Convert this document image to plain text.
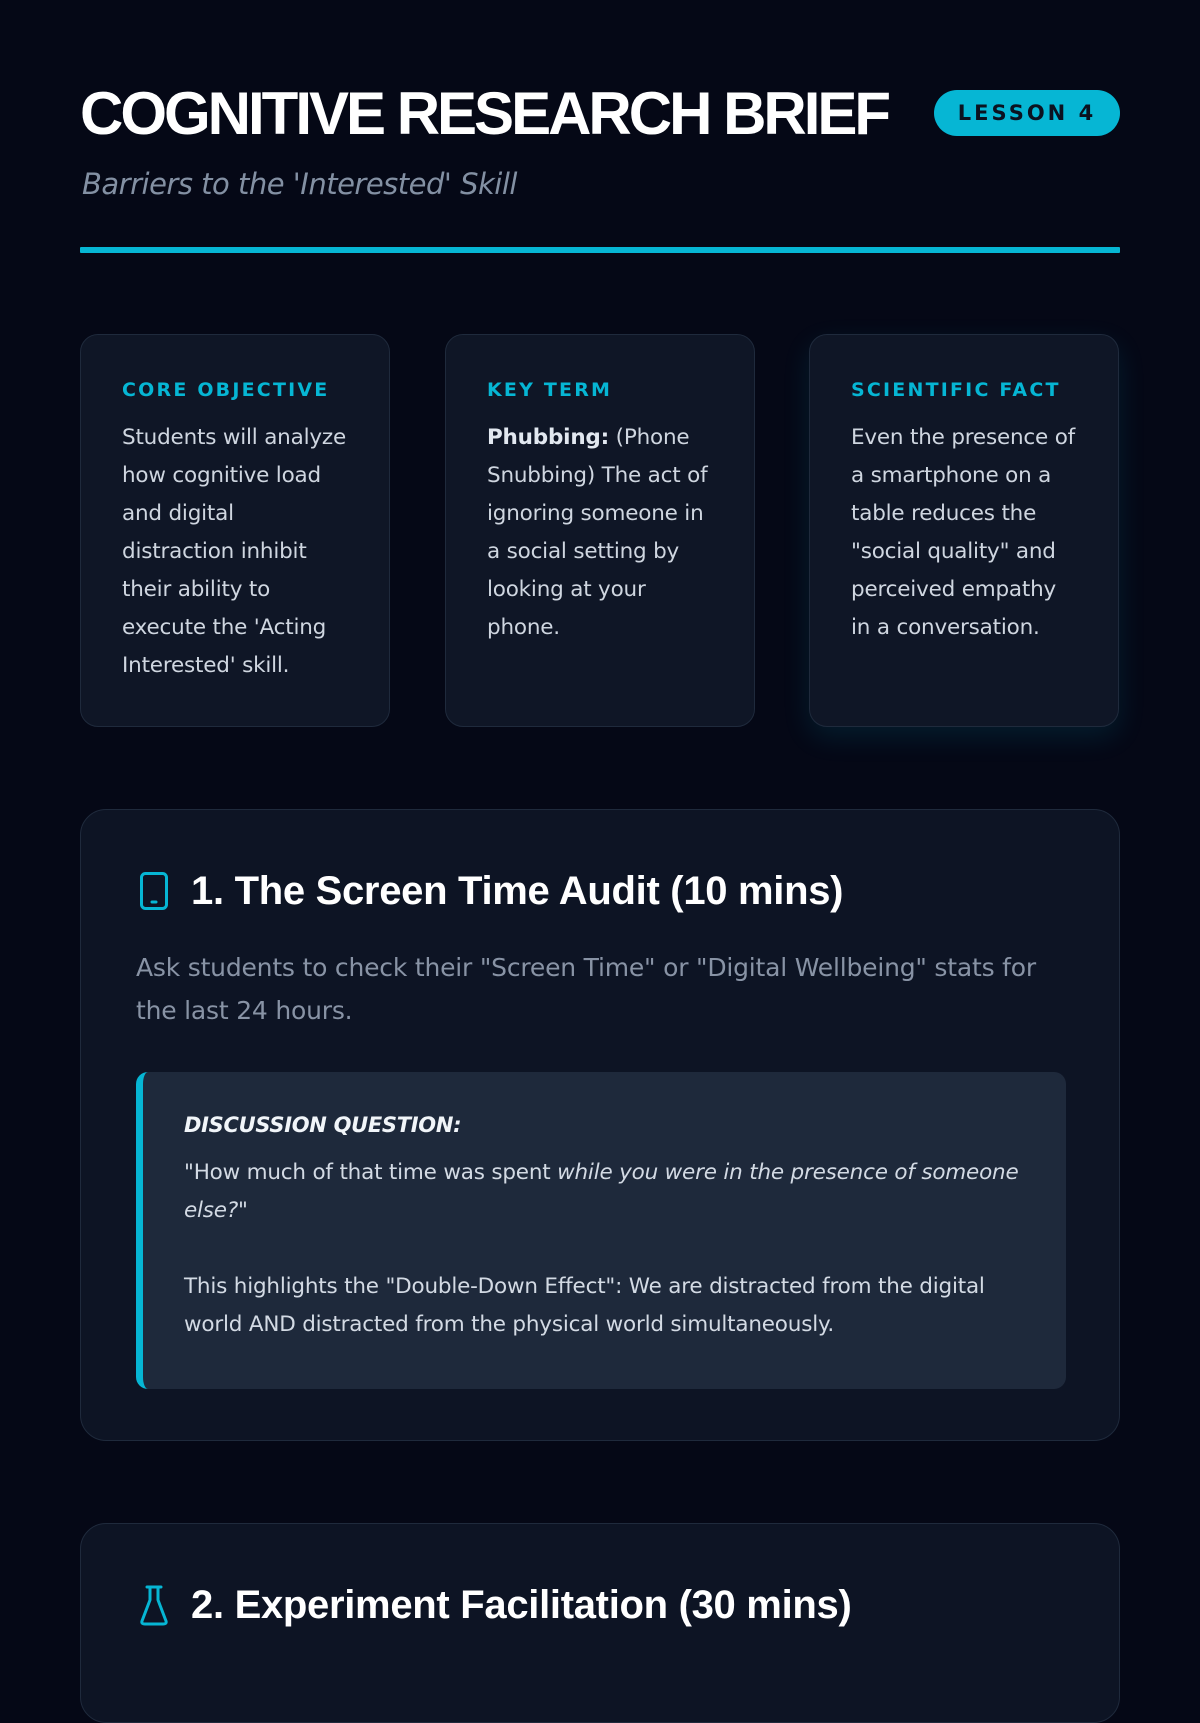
COGNITIVE RESEARCH BRIEF	LESSON 4

Barriers to the 'Interested' Skill

CORE OBJECTIVE

Students will analyze how cognitive load and digital distraction inhibit their ability to execute the 'Acting Interested' skill.

KEY TERM

Phubbing: (Phone Snubbing) The act of ignoring someone in a social setting by looking at your phone.

SCIENTIFIC FACT

Even the presence of a smartphone on a table reduces the "social quality" and perceived empathy in a conversation.

1. The Screen Time Audit (10 mins)

Ask students to check their "Screen Time" or "Digital Wellbeing" stats for the last 24 hours.

DISCUSSION QUESTION:

"How much of that time was spent while you were in the presence of someone else?"

This highlights the "Double-Down Effect": We are distracted from the digital world AND distracted from the physical world simultaneously.

2. Experiment Facilitation (30 mins)
